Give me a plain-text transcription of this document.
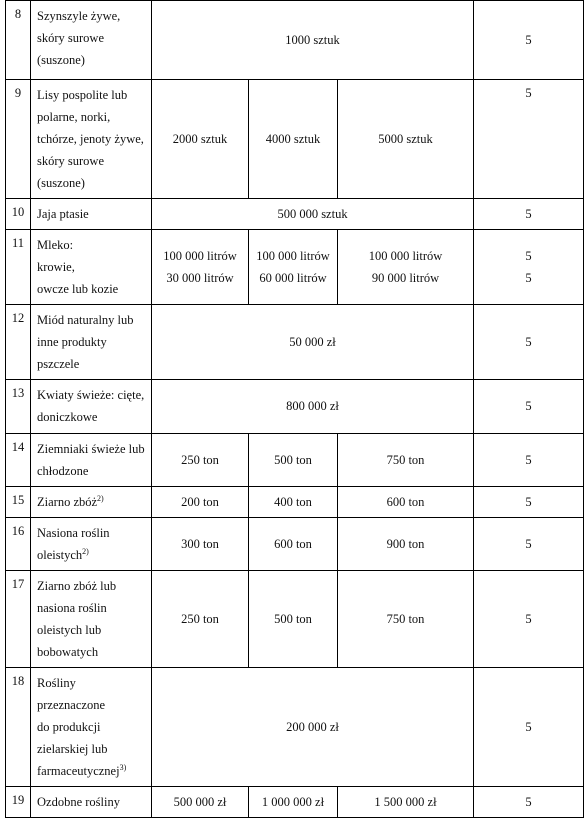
8	Szynszyle żywe,
skóry surowe
(suszone)	1000 sztuk			5
9	Lisy pospolite lub
polarne, norki,
tchórze, jenoty żywe,
skóry surowe
(suszone)	2000 sztuk	4000 sztuk	5000 sztuk	5
10	Jaja ptasie	500 000 sztuk			5
11	Mleko:
krowie,
owcze lub kozie	100 000 litrów
30 000 litrów	100 000 litrów
60 000 litrów	100 000 litrów
90 000 litrów	5
5

12	Miód naturalny lub
inne produkty
pszczele	50 000 zł			5
13	Kwiaty świeże: cięte,
doniczkowe	800 000 zł			5
14	Ziemniaki świeże lub
chłodzone	250 ton	500 ton	750 ton	5
15	Ziarno zbóż$^{2)}$	200 ton	400 ton	600 ton	5
16	Nasiona roślin
oleistych$^{2)}$	300 ton	600 ton	900 ton	5
17	Ziarno zbóż lub
nasiona roślin
oleistych lub
bobowatych	250 ton	500 ton	750 ton	5
18	Rośliny przeznaczone
do produkcji
zielarskiej lub
farmaceutycznej$^{3)}$	200 000 zł			5
19	Ozdobne rośliny	500 000 zł	1 000 000 zł	1 500 000 zł	5
